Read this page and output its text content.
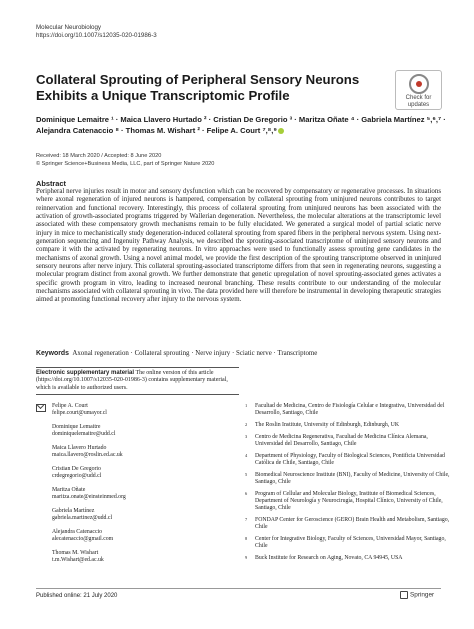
Molecular Neurobiology
https://doi.org/10.1007/s12035-020-01986-3
Collateral Sprouting of Peripheral Sensory Neurons Exhibits a Unique Transcriptomic Profile	Check for
updates
Dominique Lemaitre ¹ · Maica Llavero Hurtado ² · Cristian De Gregorio ³ · Maritza Oñate ⁴ · Gabriela Martínez ⁵,⁶,⁷ ·
Alejandra Catenaccio ⁸ · Thomas M. Wishart ² · Felipe A. Court ⁷,⁸,⁹
Received: 18 March 2020 / Accepted: 8 June 2020
© Springer Science+Business Media, LLC, part of Springer Nature 2020
Abstract
Peripheral nerve injuries result in motor and sensory dysfunction which can be recovered by compensatory or regenerative processes. In situations where axonal regeneration of injured neurons is hampered, compensation by collateral sprouting from uninjured neurons contributes to target reinnervation and functional recovery. Interestingly, this process of collateral sprouting from uninjured neurons has been associated with the activation of growth-associated programs triggered by Wallerian degeneration. Nevertheless, the molecular alterations at the transcriptomic level associated with these compensatory growth mechanisms remain to be fully elucidated. We generated a surgical model of partial sciatic nerve injury in mice to mechanistically study degeneration-induced collateral sprouting from spared fibers in the peripheral nervous system. Using next-generation sequencing and Ingenuity Pathway Analysis, we described the sprouting-associated transcriptome of uninjured sensory neurons and compare it with the activated by regenerating neurons. In vitro approaches were used to functionally assess sprouting gene candidates in the mechanisms of axonal growth. Using a novel animal model, we provide the first description of the sprouting transcriptome observed in uninjured sensory neurons after nerve injury. This collateral sprouting-associated transcriptome differs from that seen in regenerating neurons, suggesting a molecular program distinct from axonal growth. We further demonstrate that genetic upregulation of novel sprouting-associated genes activates a specific growth program in vitro, leading to increased neuronal branching. These results contribute to our understanding of the molecular mechanisms associated with collateral sprouting in vivo. The data provided here will therefore be instrumental in developing therapeutic strategies aimed at promoting functional recovery after injury to the nervous system.
Keywords Axonal regeneration · Collateral sprouting · Nerve injury · Sciatic nerve · Transcriptome
Electronic supplementary material The online version of this article (https://doi.org/10.1007/s12035-020-01986-3) contains supplementary material, which is available to authorized users.
Felipe A. Court
felipe.court@umayor.cl
Dominique Lemaitre
dominiquelemaitre@udd.cl
Maica Llavero Hurtado
maica.llavero@roslin.ed.ac.uk
Cristian De Gregorio
crdegregorio@udd.cl
Maritza Oñate
maritza.onate@einsteinmed.org
Gabriela Martínez
gabriela.martinez@udd.cl
Alejandra Catenaccio
alecatenaccio@gmail.com
Thomas M. Wishart
t.m.Wishart@ed.ac.uk
1 Facultad de Medicina, Centro de Fisiología Celular e Integrativa, Universidad del Desarrollo, Santiago, Chile
2 The Roslin Institute, University of Edinburgh, Edinburgh, UK
3 Centro de Medicina Regenerativa, Facultad de Medicina Clínica Alemana, Universidad del Desarrollo, Santiago, Chile
4 Department of Physiology, Faculty of Biological Sciences, Pontificia Universidad Católica de Chile, Santiago, Chile
5 Biomedical Neuroscience Institute (BNI), Faculty of Medicine, University of Chile, Santiago, Chile
6 Program of Cellular and Molecular Biology, Institute of Biomedical Sciences, Department of Neurología y Neurocirugía, Hospital Clínico, University of Chile, Santiago, Chile
7 FONDAP Center for Geroscience (GERO) Brain Health and Metabolism, Santiago, Chile
8 Center for Integrative Biology, Faculty of Sciences, Universidad Mayor, Santiago, Chile
9 Buck Institute for Research on Aging, Novato, CA 94945, USA
Published online: 21 July 2020	Springer
